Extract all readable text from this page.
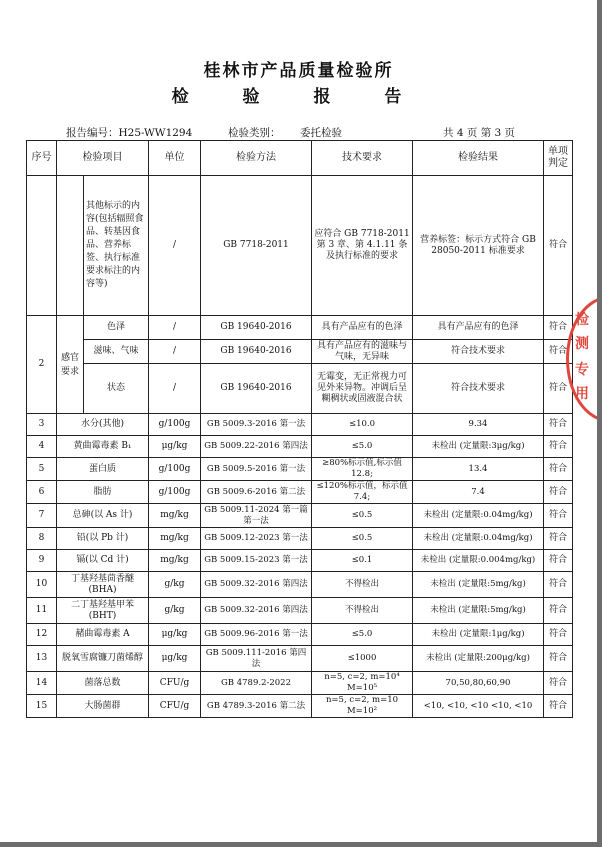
桂林市产品质量检验所
检 验 报 告
报告编号：H25-WW1294	检验类别： 委托检验	共 4 页 第 3 页
序号	检验项目		单位	检验方法	技术要求	检验结果	单项判定
		其他标示的内容(包括辐照食品、转基因食品、营养标签、执行标准要求标注的内容等)	/	GB 7718-2011	应符合 GB 7718-2011 第 3 章、第 4.1.11 条及执行标准的要求	营养标签：标示方式符合 GB 28050-2011 标准要求	符合
2	感官要求	色泽	/	GB 19640-2016	具有产品应有的色泽	具有产品应有的色泽	符合
		滋味、气味	/	GB 19640-2016	具有产品应有的滋味与气味，无异味	符合技术要求	符合
		状态	/	GB 19640-2016	无霉变，无正常视力可见外来异物。冲调后呈糊稠状或固液混合状	符合技术要求	符合
3	水分(其他)		g/100g	GB 5009.3-2016 第一法	≤10.0	9.34	符合
4	黄曲霉毒素 B₁		μg/kg	GB 5009.22-2016 第四法	≤5.0	未检出 (定量限:3μg/kg)	符合
5	蛋白质		g/100g	GB 5009.5-2016 第一法	≥80%标示值,标示值 12.8;	13.4	符合
6	脂肪		g/100g	GB 5009.6-2016 第二法	≤120%标示值，标示值 7.4;	7.4	符合
7	总砷(以 As 计)		mg/kg	GB 5009.11-2024 第一篇 第一法	≤0.5	未检出 (定量限:0.04mg/kg)	符合
8	铅(以 Pb 计)		mg/kg	GB 5009.12-2023 第一法	≤0.5	未检出 (定量限:0.04mg/kg)	符合
9	镉(以 Cd 计)		mg/kg	GB 5009.15-2023 第一法	≤0.1	未检出 (定量限:0.004mg/kg)	符合
10	丁基羟基茴香醚 (BHA)		g/kg	GB 5009.32-2016 第四法	不得检出	未检出 (定量限:5mg/kg)	符合
11	二丁基羟基甲苯 (BHT)		g/kg	GB 5009.32-2016 第四法	不得检出	未检出 (定量限:5mg/kg)	符合
12	赭曲霉毒素 A		μg/kg	GB 5009.96-2016 第一法	≤5.0	未检出 (定量限:1μg/kg)	符合
13	脱氧雪腐镰刀菌烯醇		μg/kg	GB 5009.111-2016 第四法	≤1000	未检出 (定量限:200μg/kg)	符合
14	菌落总数		CFU/g	GB 4789.2-2022	n=5, c=2, m=10⁴ M=10⁵	70,50,80,60,90	符合
15	大肠菌群		CFU/g	GB 4789.3-2016 第二法	n=5, c=2, m=10 M=10²	<10, <10, <10 <10, <10	符合
检
测
专
用
